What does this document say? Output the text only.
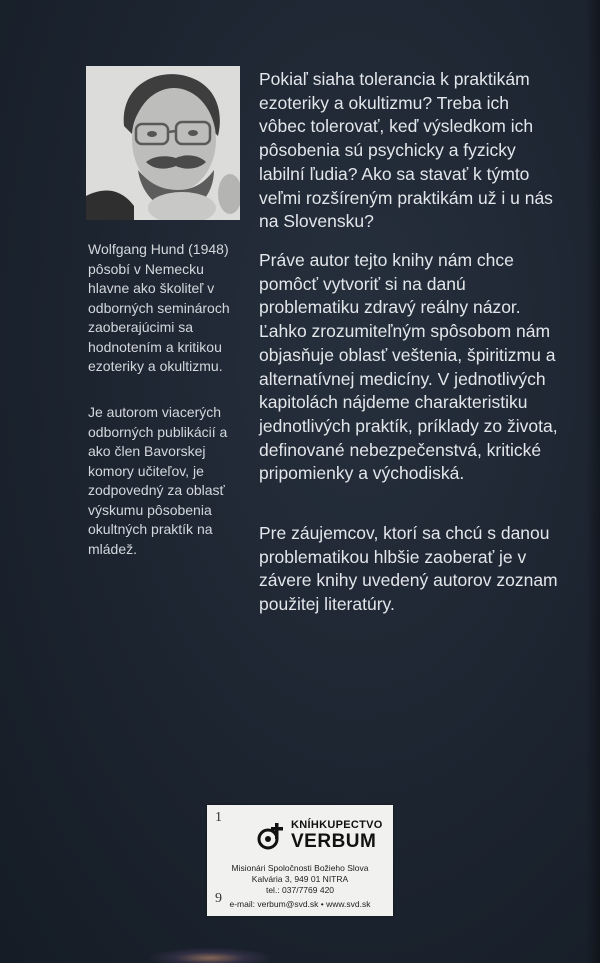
Wolfgang Hund (1948) pôsobí v Nemecku hlavne ako školiteľ v odborných seminároch zaoberajúcimi sa hodnotením a kritikou ezoteriky a okultizmu.

Je autorom viacerých odborných publikácií a ako člen Bavorskej komory učiteľov, je zodpovedný za oblasť výskumu pôsobenia okultných praktík na mládež.

Pokiaľ siaha tolerancia k praktikám ezoteriky a okultizmu? Treba ich vôbec tolerovať, keď výsledkom ich pôsobenia sú psychicky a fyzicky labilní ľudia? Ako sa stavať k týmto veľmi rozšíreným praktikám už i u nás na Slovensku?

Práve autor tejto knihy nám chce pomôcť vytvoriť si na danú problematiku zdravý reálny názor. Ľahko zrozumiteľným spôsobom nám objasňuje oblasť veštenia, špiritizmu a alternatívnej medicíny. V jednotlivých kapitolách nájdeme charakteristiku jednotlivých praktík, príklady zo života, definované nebezpečenstvá, kritické pripomienky a východiská.

Pre záujemcov, ktorí sa chcú s danou problematikou hlbšie zaoberať je v závere knihy uvedený autorov zoznam použitej literatúry.

1
9
KNÍHKUPECTVO
VERBUM
Misionári Spoločnosti Božieho Slova
Kalvária 3, 949 01 NITRA
tel.: 037/7769 420
e-mail: verbum@svd.sk • www.svd.sk
